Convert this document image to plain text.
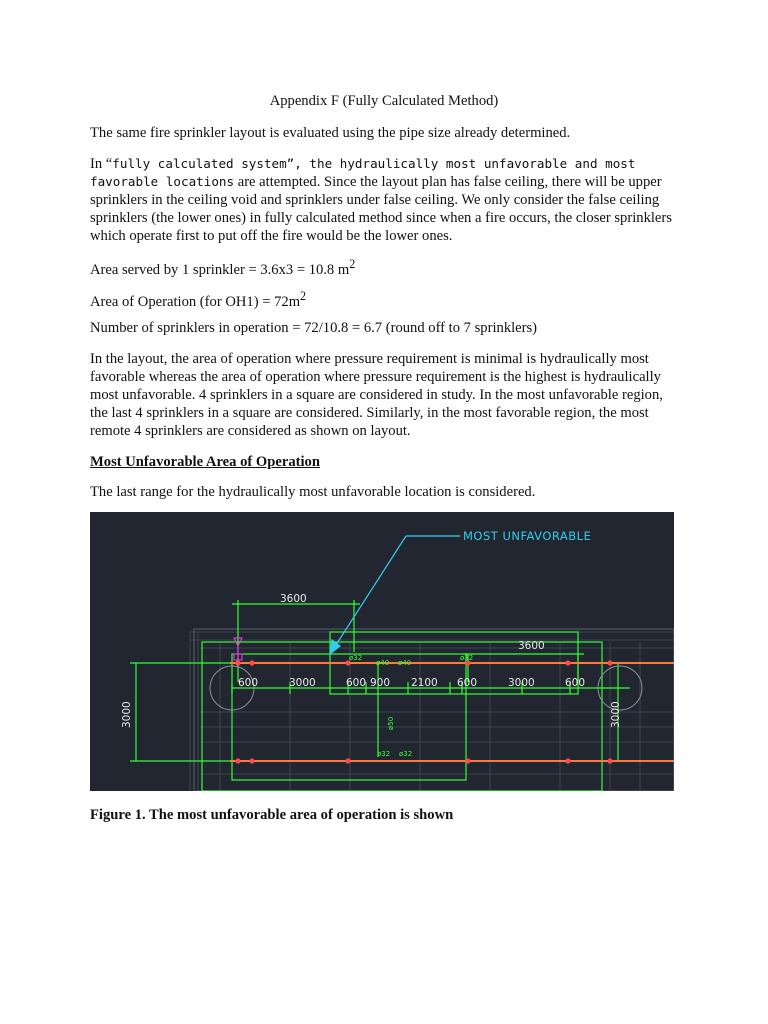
Appendix F (Fully Calculated Method)

The same fire sprinkler layout is evaluated using the pipe size already determined.

In “fully calculated system”, the hydraulically most unfavorable and most favorable locations are attempted. Since the layout plan has false ceiling, there will be upper sprinklers in the ceiling void and sprinklers under false ceiling. We only consider the false ceiling sprinklers (the lower ones) in fully calculated method since when a fire occurs, the closer sprinklers which operate first to put off the fire would be the lower ones.

Area served by 1 sprinkler = 3.6x3 = 10.8 $m^2$

Area of Operation (for $OH1) = 72m^2$

Number of sprinklers in operation = 72/10.8 = 6.7 (round off to 7 sprinklers)

In the layout, the area of operation where pressure requirement is minimal is hydraulically most favorable whereas the area of operation where pressure requirement is the highest is hydraulically most unfavorable. 4 sprinklers in a square are considered in study. In the most unfavorable region, the last 4 sprinklers in a square are considered. Similarly, in the most favorable region, the most remote 4 sprinklers are considered as shown on layout.

Most Unfavorable Area of Operation

The last range for the hydraulically most unfavorable location is considered.

MOST UNFAVORABLE
3600
3600
3000	3000
600	3000	600 900 2100 600	3000	600
ø32
ø40 ø40
ø32
ø50
ø32 ø32

Figure 1. The most unfavorable area of operation is shown
